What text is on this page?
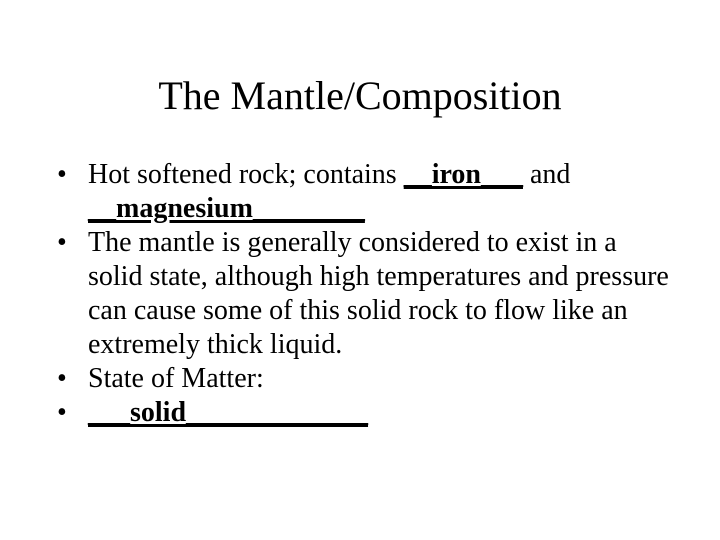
The Mantle/Composition
• Hot softened rock; contains __iron___ and __magnesium________
• The mantle is generally considered to exist in a solid state, although high temperatures and pressure can cause some of this solid rock to flow like an extremely thick liquid.
• State of Matter:
• ___solid_____________
